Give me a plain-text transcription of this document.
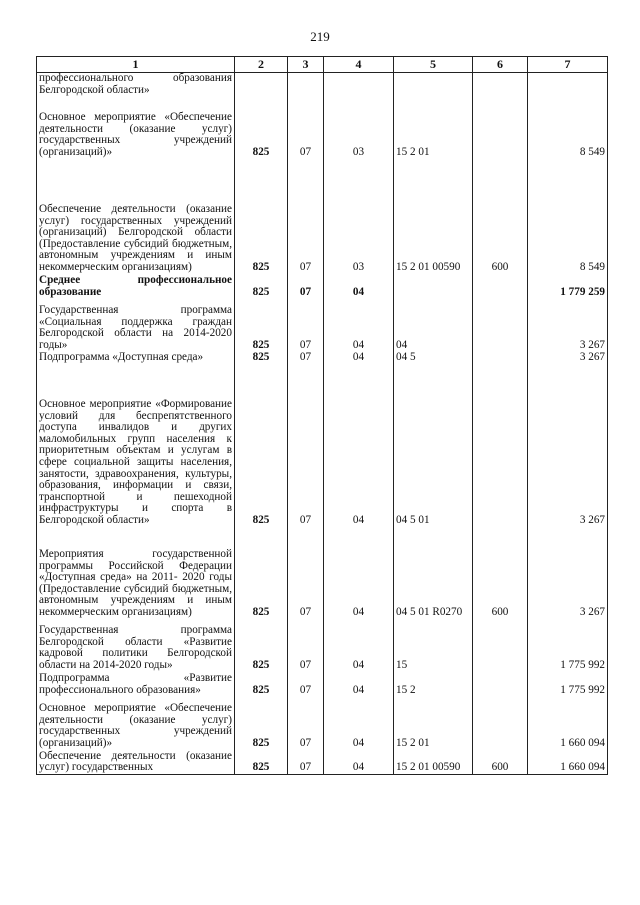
219
1	2	3	4	5	6	7
профессионального образования Белгородской области»						
Основное мероприятие «Обеспечение деятельности (оказание услуг) государственных учреждений (организаций)»	825	07	03	15 2 01		8 549
Обеспечение деятельности (оказание услуг) государственных учреждений (организаций) Белгородской области (Предоставление субсидий бюджетным, автономным учреждениям и иным некоммерческим организациям)	825	07	03	15 2 01 00590	600	8 549
Среднее профессиональное образование	825	07	04			1 779 259
Государственная программа «Социальная поддержка граждан Белгородской области на 2014-2020 годы»	825	07	04	04		3 267
Подпрограмма «Доступная среда»	825	07	04	04 5		3 267
Основное мероприятие «Формирование условий для беспрепятственного доступа инвалидов и других маломобильных групп населения к приоритетным объектам и услугам в сфере социальной защиты населения, занятости, здравоохранения, культуры, образования, информации и связи, транспортной и пешеходной инфраструктуры и спорта в Белгородской области»	825	07	04	04 5 01		3 267
Мероприятия государственной программы Российской Федерации «Доступная среда» на 2011- 2020 годы (Предоставление субсидий бюджетным, автономным учреждениям и иным некоммерческим организациям)	825	07	04	04 5 01 R0270	600	3 267
Государственная программа Белгородской области «Развитие кадровой политики Белгородской области на 2014-2020 годы»	825	07	04	15		1 775 992
Подпрограмма «Развитие профессионального образования»	825	07	04	15 2		1 775 992
Основное мероприятие «Обеспечение деятельности (оказание услуг) государственных учреждений (организаций)»	825	07	04	15 2 01		1 660 094
Обеспечение деятельности (оказание услуг) государственных	825	07	04	15 2 01 00590	600	1 660 094
